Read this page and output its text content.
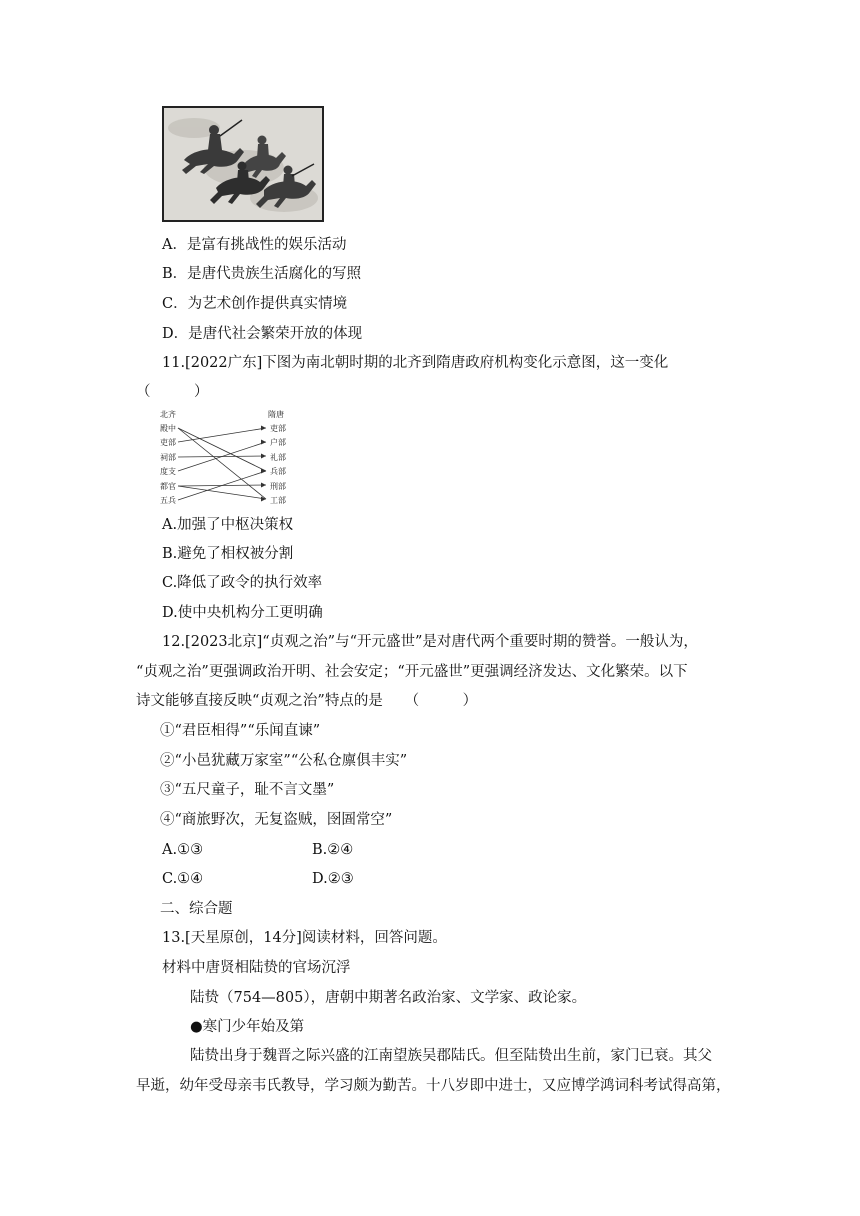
A．是富有挑战性的娱乐活动
B．是唐代贵族生活腐化的写照
C．为艺术创作提供真实情境
D．是唐代社会繁荣开放的体现
11.[2022广东]下图为南北朝时期的北齐到隋唐政府机构变化示意图，这一变化
（　　　）
北齐	隋唐
殿中
吏部
祠部
度支
都官
五兵
吏部
户部
礼部
兵部
刑部
工部
A.加强了中枢决策权
B.避免了相权被分割
C.降低了政令的执行效率
D.使中央机构分工更明确
12.[2023北京]“贞观之治”与“开元盛世”是对唐代两个重要时期的赞誉。一般认为，
“贞观之治”更强调政治开明、社会安定；“开元盛世”更强调经济发达、文化繁荣。以下
诗文能够直接反映“贞观之治”特点的是　　（　　　）
①“君臣相得”“乐闻直谏”
②“小邑犹藏万家室”“公私仓廪俱丰实”
③“五尺童子，耻不言文墨”
④“商旅野次，无复盗贼，囹圄常空”
A.①③	B.②④
C.①④	D.②③
二、综合题
13.[天星原创，14分]阅读材料，回答问题。
材料中唐贤相陆贽的官场沉浮
陆贽（754—805），唐朝中期著名政治家、文学家、政论家。
●寒门少年始及第
陆贽出身于魏晋之际兴盛的江南望族吴郡陆氏。但至陆贽出生前，家门已衰。其父
早逝，幼年受母亲韦氏教导，学习颇为勤苦。十八岁即中进士，又应博学鸿词科考试得高第，
